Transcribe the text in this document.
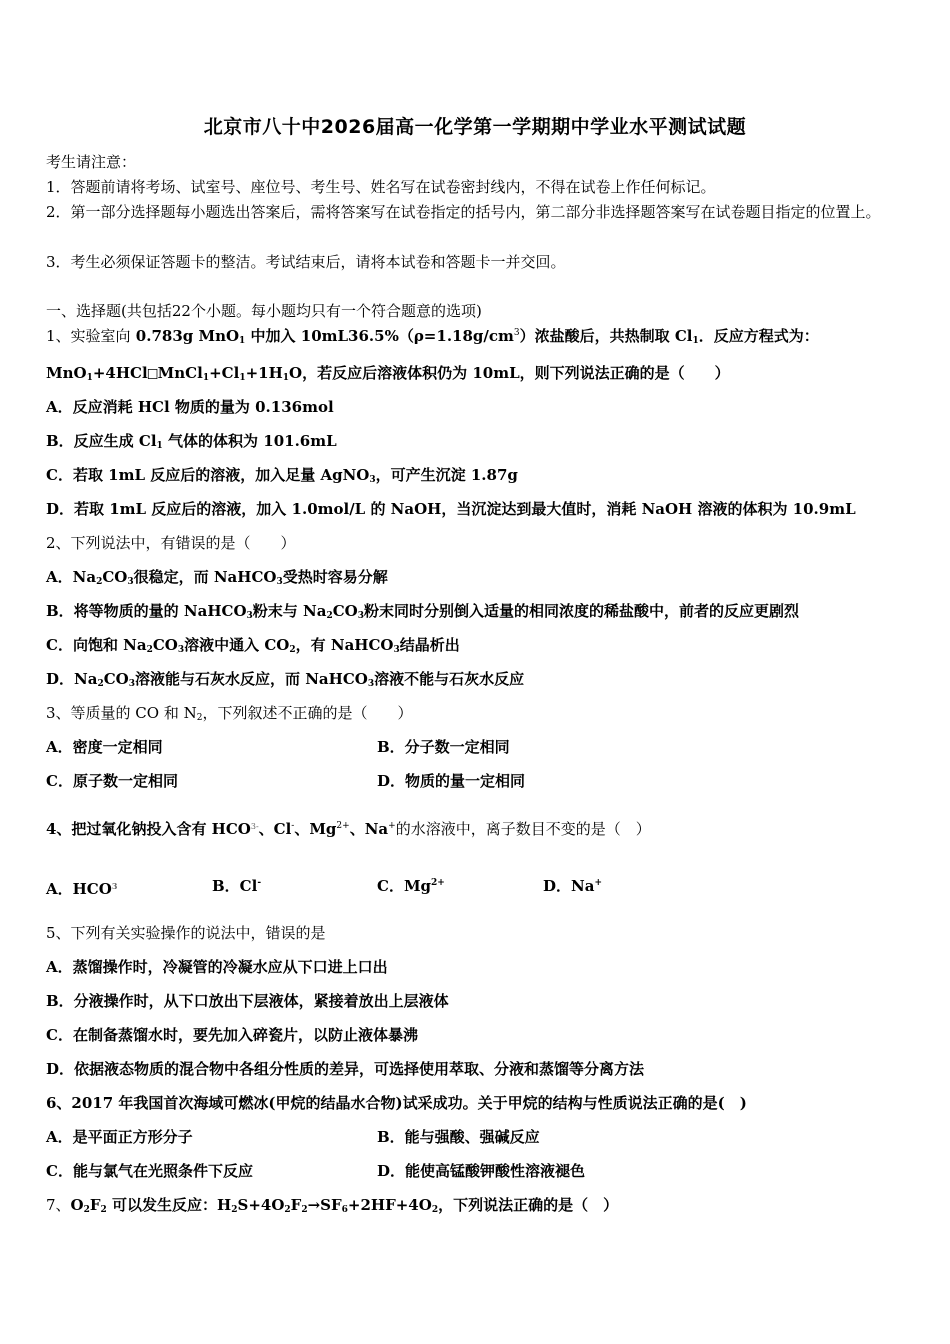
北京市八十中2026届高一化学第一学期期中学业水平测试试题
考生请注意：
1．答题前请将考场、试室号、座位号、考生号、姓名写在试卷密封线内，不得在试卷上作任何标记。
2．第一部分选择题每小题选出答案后，需将答案写在试卷指定的括号内，第二部分非选择题答案写在试卷题目指定的位置上。
3．考生必须保证答题卡的整洁。考试结束后，请将本试卷和答题卡一并交回。
一、选择题(共包括22个小题。每小题均只有一个符合题意的选项)
1、实验室向 0.783g MnO$_1$ 中加入 $10mL36.5\%(\rho=1.18g/cm^3)$浓盐酸后，共热制取 $Cl_1$．反应方程式为：
$MnO_1+4HCl⃞MnCl_1+Cl_1+1H_1O$，若反应后溶液体积仍为 10mL，则下列说法正确的是（　　）
A．反应消耗 HCl 物质的量为 0.136mol
B．反应生成 $Cl_1$ 气体的体积为 101.6mL
C．若取 1mL 反应后的溶液，加入足量 AgNO$_3$，可产生沉淀 1.87g
D．若取 1mL 反应后的溶液，加入 1.0mol/L 的 NaOH，当沉淀达到最大值时，消耗 NaOH 溶液的体积为 10.9mL
2、下列说法中，有错误的是（　　）
A．$Na_2CO_3$很稳定，而 NaHCO$_3$受热时容易分解
B．将等物质的量的 NaHCO$_3$粉末与 $Na_2CO_3$粉末同时分别倒入适量的相同浓度的稀盐酸中，前者的反应更剧烈
C．向饱和 $Na_2CO_3$溶液中通入 $CO_2$，有 NaHCO$_3$结晶析出
D．$Na_2CO_3$溶液能与石灰水反应，而 NaHCO$_3$溶液不能与石灰水反应
3、等质量的 CO 和 $N_2$，下列叙述不正确的是（　　）
A．密度一定相同	B．分子数一定相同
C．原子数一定相同	D．物质的量一定相同
4、把过氧化钠投入含有 $HCO^{3-}$、Cl-、$Mg^{2+}$、Na+的水溶液中，离子数目不变的是（　）
A．HCO$^3$	B．Cl-	C．$Mg^{2+}$	D．Na+
5、下列有关实验操作的说法中，错误的是
A．蒸馏操作时，冷凝管的冷凝水应从下口进上口出
B．分液操作时，从下口放出下层液体，紧接着放出上层液体
C．在制备蒸馏水时，要先加入碎瓷片，以防止液体暴沸
D．依据液态物质的混合物中各组分性质的差异，可选择使用萃取、分液和蒸馏等分离方法
6、2017 年我国首次海域可燃冰(甲烷的结晶水合物)试采成功。关于甲烷的结构与性质说法正确的是(　)
A．是平面正方形分子	B．能与强酸、强碱反应
C．能与氯气在光照条件下反应	D．能使高锰酸钾酸性溶液褪色
7、$O_2F_2$ 可以发生反应：$H_2S+4O_2F_2\to SF_6+2HF+4O_2$，下列说法正确的是（　）
